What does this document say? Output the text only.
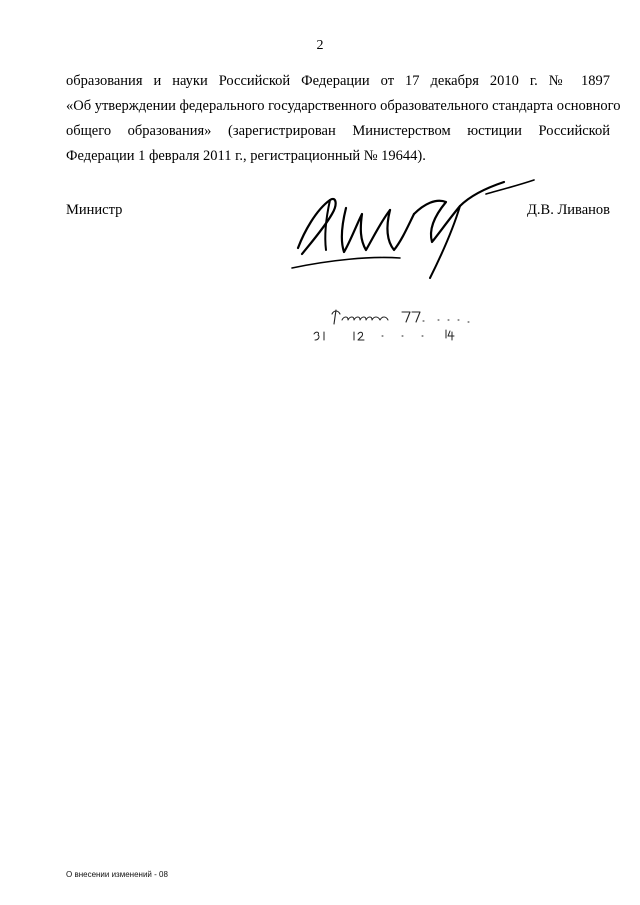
2
образования и науки Российской Федерации от 17 декабря 2010 г. № 1897
«Об утверждении федерального государственного образовательного стандарта основного
общего образования» (зарегистрирован Министерством юстиции Российской
Федерации 1 февраля 2011 г., регистрационный № 19644).
Министр	Д.В. Ливанов
О внесении изменений - 08
